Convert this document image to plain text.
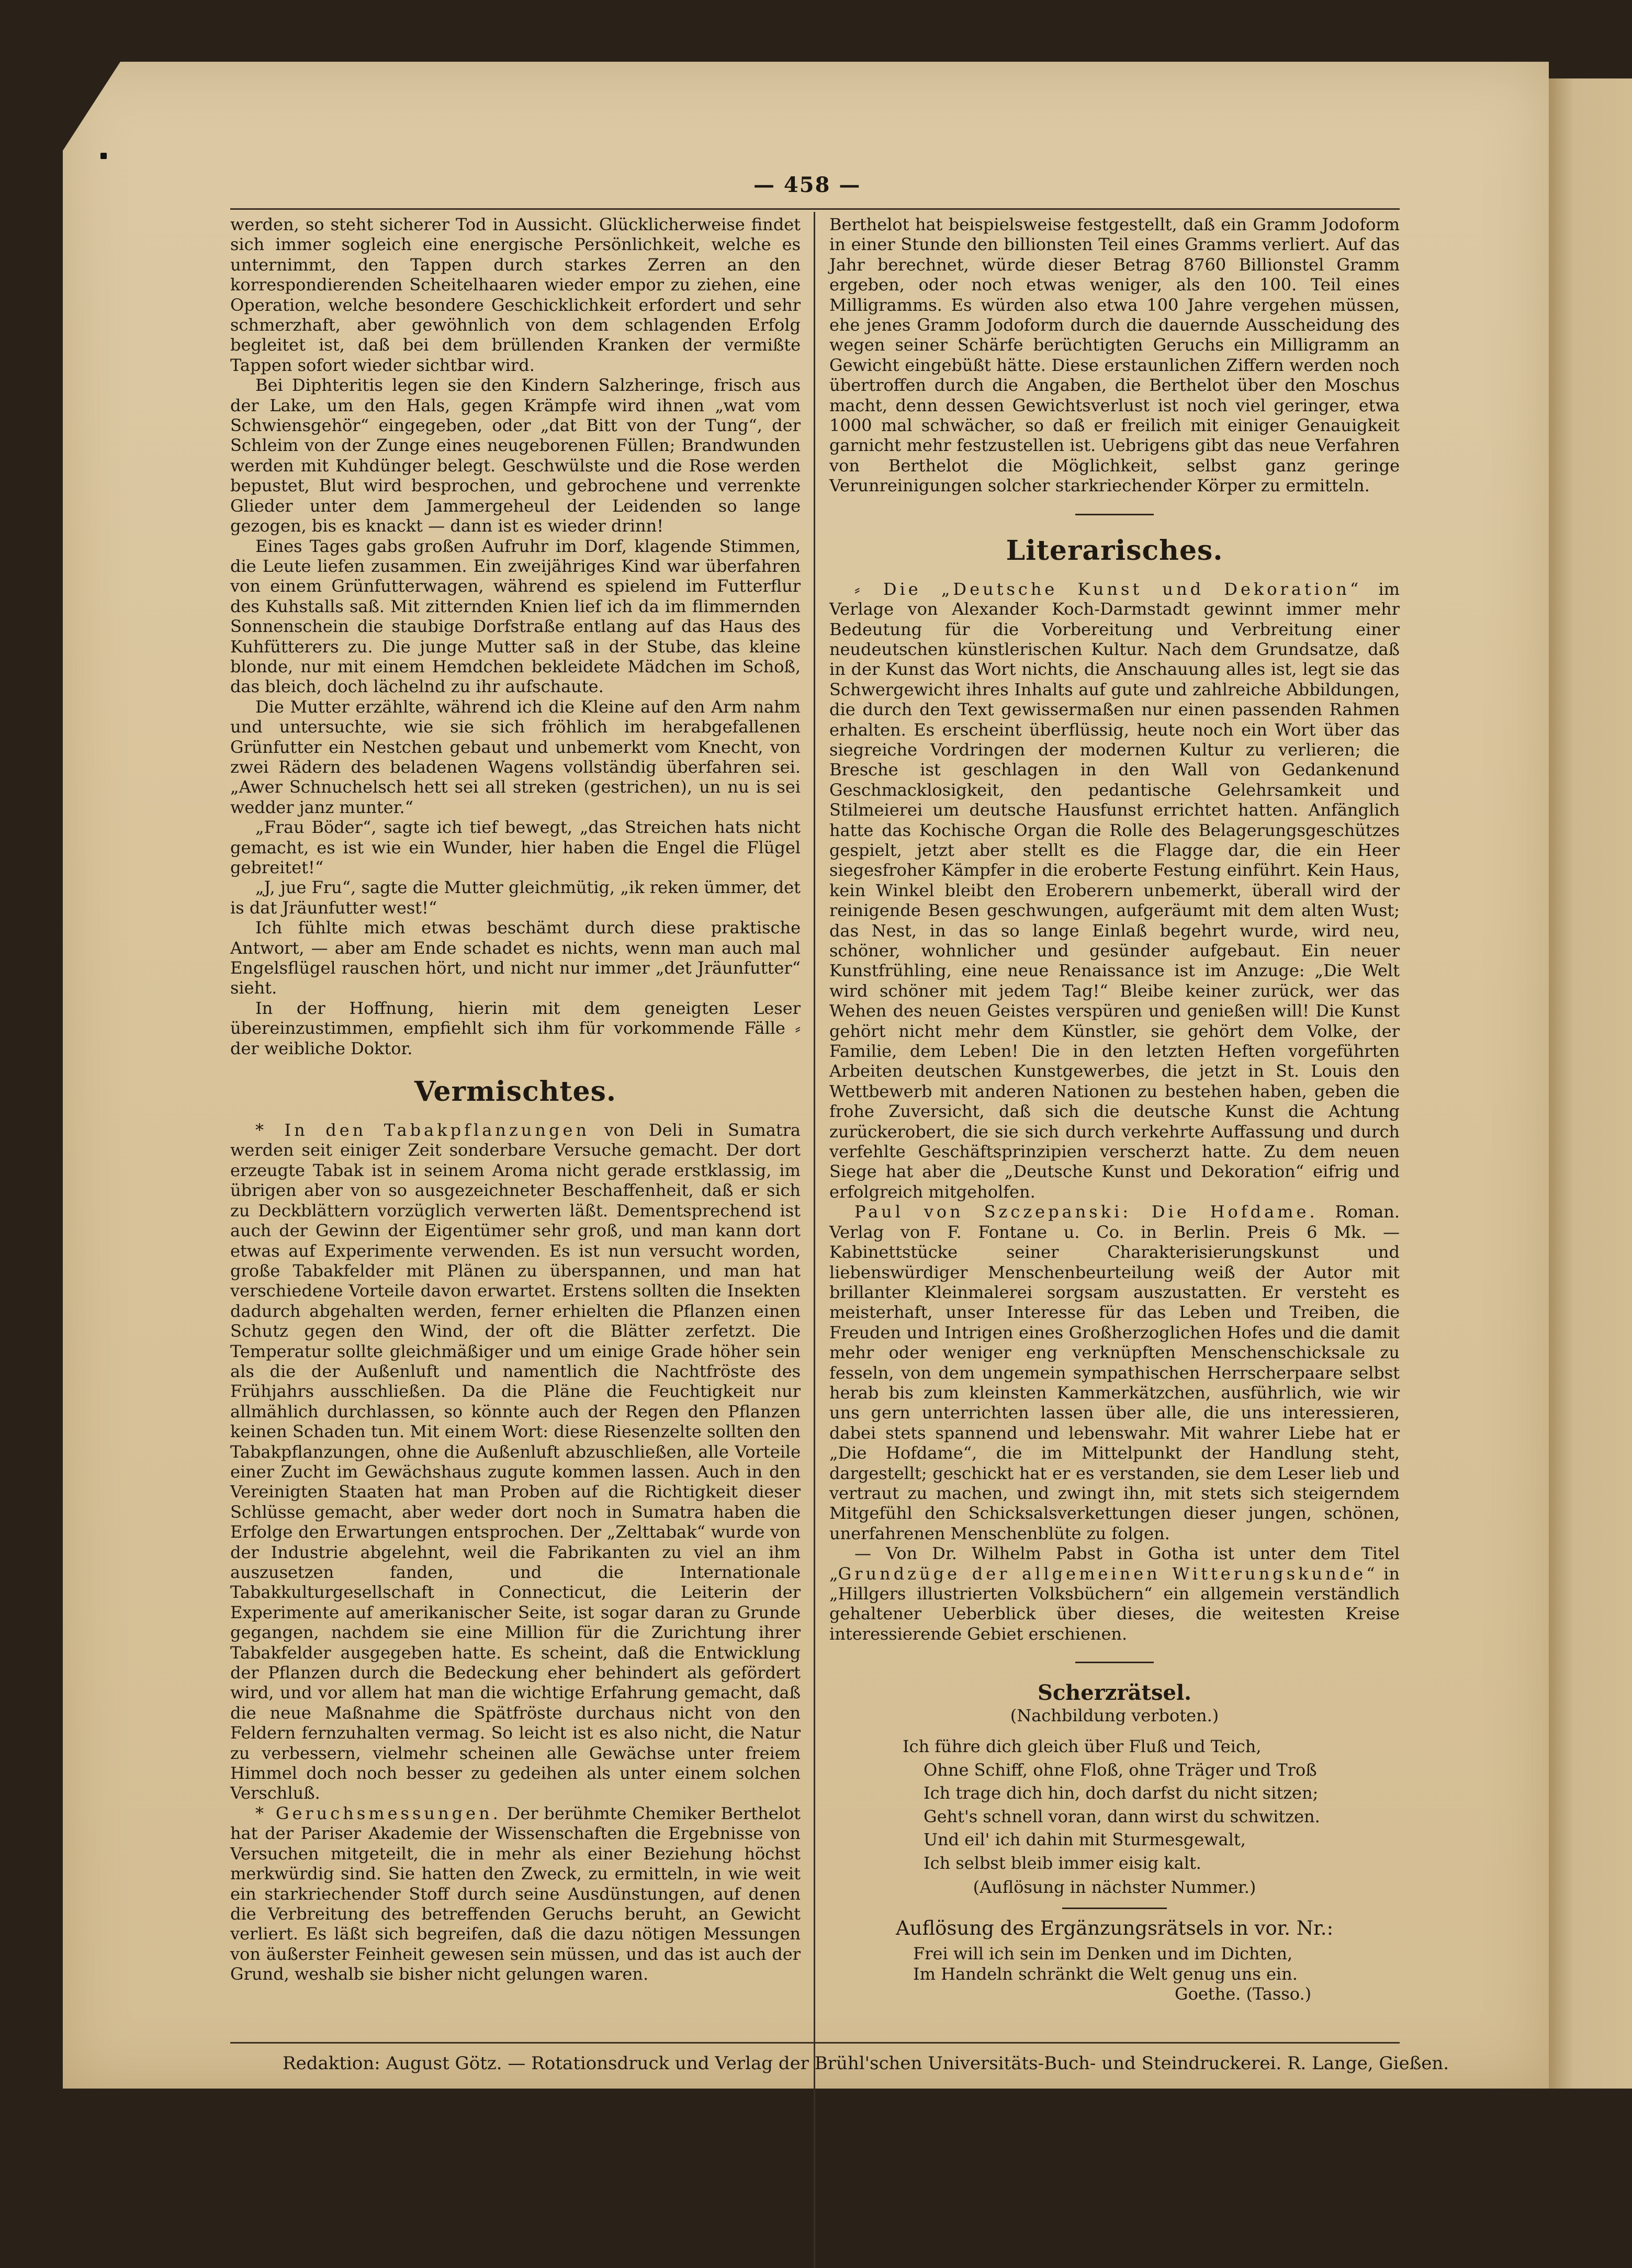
— 458 —

werden, so steht sicherer Tod in Aussicht. Glücklicherweise findet sich immer sogleich eine energische Persönlichkeit, welche es unternimmt, den Tappen durch starkes Zerren an den korrespondierenden Scheitelhaaren wieder empor zu ziehen, eine Operation, welche besondere Geschicklichkeit erfordert und sehr schmerzhaft, aber gewöhnlich von dem schlagenden Erfolg begleitet ist, daß bei dem brüllenden Kranken der vermißte Tappen sofort wieder sichtbar wird.

Bei Diphteritis legen sie den Kindern Salzheringe, frisch aus der Lake, um den Hals, gegen Krämpfe wird ihnen „wat vom Schwiensgehör“ eingegeben, oder „dat Bitt von der Tung“, der Schleim von der Zunge eines neugeborenen Füllen; Brandwunden werden mit Kuhdünger belegt. Geschwülste und die Rose werden bepustet, Blut wird besprochen, und gebrochene und verrenkte Glieder unter dem Jammergeheul der Leidenden so lange gezogen, bis es knackt — dann ist es wieder drinn!

Eines Tages gabs großen Aufruhr im Dorf, klagende Stimmen, die Leute liefen zusammen. Ein zweijähriges Kind war überfahren von einem Grünfutterwagen, während es spielend im Futterflur des Kuhstalls saß. Mit zitternden Knien lief ich da im flimmernden Sonnenschein die staubige Dorfstraße entlang auf das Haus des Kuhfütterers zu. Die junge Mutter saß in der Stube, das kleine blonde, nur mit einem Hemdchen bekleidete Mädchen im Schoß, das bleich, doch lächelnd zu ihr aufschaute.

Die Mutter erzählte, während ich die Kleine auf den Arm nahm und untersuchte, wie sie sich fröhlich im herabgefallenen Grünfutter ein Nestchen gebaut und unbemerkt vom Knecht, von zwei Rädern des beladenen Wagens vollständig überfahren sei. „Awer Schnuchelsch hett sei all streken (gestrichen), un nu is sei wedder janz munter.“

„Frau Böder“, sagte ich tief bewegt, „das Streichen hats nicht gemacht, es ist wie ein Wunder, hier haben die Engel die Flügel gebreitet!“

„J, jue Fru“, sagte die Mutter gleichmütig, „ik reken ümmer, det is dat Jräunfutter west!“

Ich fühlte mich etwas beschämt durch diese praktische Antwort, — aber am Ende schadet es nichts, wenn man auch mal Engelsflügel rauschen hört, und nicht nur immer „det Jräunfutter“ sieht.

In der Hoffnung, hierin mit dem geneigten Leser übereinzustimmen, empfiehlt sich ihm für vorkommende Fälle ⸗ der weibliche Doktor.

Vermischtes.

* In den Tabakpflanzungen von Deli in Sumatra werden seit einiger Zeit sonderbare Versuche gemacht. Der dort erzeugte Tabak ist in seinem Aroma nicht gerade erstklassig, im übrigen aber von so ausgezeichneter Beschaffenheit, daß er sich zu Deckblättern vorzüglich verwerten läßt. Dementsprechend ist auch der Gewinn der Eigentümer sehr groß, und man kann dort etwas auf Experimente verwenden. Es ist nun versucht worden, große Tabakfelder mit Plänen zu überspannen, und man hat verschiedene Vorteile davon erwartet. Erstens sollten die Insekten dadurch abgehalten werden, ferner erhielten die Pflanzen einen Schutz gegen den Wind, der oft die Blätter zerfetzt. Die Temperatur sollte gleichmäßiger und um einige Grade höher sein als die der Außenluft und namentlich die Nachtfröste des Frühjahrs ausschließen. Da die Pläne die Feuchtigkeit nur allmählich durchlassen, so könnte auch der Regen den Pflanzen keinen Schaden tun. Mit einem Wort: diese Riesenzelte sollten den Tabakpflanzungen, ohne die Außenluft abzuschließen, alle Vorteile einer Zucht im Gewächshaus zugute kommen lassen. Auch in den Vereinigten Staaten hat man Proben auf die Richtigkeit dieser Schlüsse gemacht, aber weder dort noch in Sumatra haben die Erfolge den Erwartungen entsprochen. Der „Zelttabak“ wurde von der Industrie abgelehnt, weil die Fabrikanten zu viel an ihm auszusetzen fanden, und die Internationale Tabakkulturgesellschaft in Connecticut, die Leiterin der Experimente auf amerikanischer Seite, ist sogar daran zu Grunde gegangen, nachdem sie eine Million für die Zurichtung ihrer Tabakfelder ausgegeben hatte. Es scheint, daß die Entwicklung der Pflanzen durch die Bedeckung eher behindert als gefördert wird, und vor allem hat man die wichtige Erfahrung gemacht, daß die neue Maßnahme die Spätfröste durchaus nicht von den Feldern fernzuhalten vermag. So leicht ist es also nicht, die Natur zu verbessern, vielmehr scheinen alle Gewächse unter freiem Himmel doch noch besser zu gedeihen als unter einem solchen Verschluß.

* Geruchsmessungen. Der berühmte Chemiker Berthelot hat der Pariser Akademie der Wissenschaften die Ergebnisse von Versuchen mitgeteilt, die in mehr als einer Beziehung höchst merkwürdig sind. Sie hatten den Zweck, zu ermitteln, in wie weit ein starkriechender Stoff durch seine Ausdünstungen, auf denen die Verbreitung des betreffenden Geruchs beruht, an Gewicht verliert. Es läßt sich begreifen, daß die dazu nötigen Messungen von äußerster Feinheit gewesen sein müssen, und das ist auch der Grund, weshalb sie bisher nicht gelungen waren.

Berthelot hat beispielsweise festgestellt, daß ein Gramm Jodoform in einer Stunde den billionsten Teil eines Gramms verliert. Auf das Jahr berechnet, würde dieser Betrag 8760 Billionstel Gramm ergeben, oder noch etwas weniger, als den 100. Teil eines Milligramms. Es würden also etwa 100 Jahre vergehen müssen, ehe jenes Gramm Jodoform durch die dauernde Ausscheidung des wegen seiner Schärfe berüchtigten Geruchs ein Milligramm an Gewicht eingebüßt hätte. Diese erstaunlichen Ziffern werden noch übertroffen durch die Angaben, die Berthelot über den Moschus macht, denn dessen Gewichtsverlust ist noch viel geringer, etwa 1000 mal schwächer, so daß er freilich mit einiger Genauigkeit garnicht mehr festzustellen ist. Uebrigens gibt das neue Verfahren von Berthelot die Möglichkeit, selbst ganz geringe Verunreinigungen solcher starkriechender Körper zu ermitteln.

Literarisches.

⸗ Die „Deutsche Kunst und Dekoration“ im Verlage von Alexander Koch-Darmstadt gewinnt immer mehr Bedeutung für die Vorbereitung und Verbreitung einer neudeutschen künstlerischen Kultur. Nach dem Grundsatze, daß in der Kunst das Wort nichts, die Anschauung alles ist, legt sie das Schwergewicht ihres Inhalts auf gute und zahlreiche Abbildungen, die durch den Text gewissermaßen nur einen passenden Rahmen erhalten. Es erscheint überflüssig, heute noch ein Wort über das siegreiche Vordringen der modernen Kultur zu verlieren; die Bresche ist geschlagen in den Wall von Gedankenund Geschmacklosigkeit, den pedantische Gelehrsamkeit und Stilmeierei um deutsche Hausfunst errichtet hatten. Anfänglich hatte das Kochische Organ die Rolle des Belagerungsgeschützes gespielt, jetzt aber stellt es die Flagge dar, die ein Heer siegesfroher Kämpfer in die eroberte Festung einführt. Kein Haus, kein Winkel bleibt den Eroberern unbemerkt, überall wird der reinigende Besen geschwungen, aufgeräumt mit dem alten Wust; das Nest, in das so lange Einlaß begehrt wurde, wird neu, schöner, wohnlicher und gesünder aufgebaut. Ein neuer Kunstfrühling, eine neue Renaissance ist im Anzuge: „Die Welt wird schöner mit jedem Tag!“ Bleibe keiner zurück, wer das Wehen des neuen Geistes verspüren und genießen will! Die Kunst gehört nicht mehr dem Künstler, sie gehört dem Volke, der Familie, dem Leben! Die in den letzten Heften vorgeführten Arbeiten deutschen Kunstgewerbes, die jetzt in St. Louis den Wettbewerb mit anderen Nationen zu bestehen haben, geben die frohe Zuversicht, daß sich die deutsche Kunst die Achtung zurückerobert, die sie sich durch verkehrte Auffassung und durch verfehlte Geschäftsprinzipien verscherzt hatte. Zu dem neuen Siege hat aber die „Deutsche Kunst und Dekoration“ eifrig und erfolgreich mitgeholfen.

Paul von Szczepanski: Die Hofdame. Roman. Verlag von F. Fontane u. Co. in Berlin. Preis 6 Mk. — Kabinettstücke seiner Charakterisierungskunst und liebenswürdiger Menschenbeurteilung weiß der Autor mit brillanter Kleinmalerei sorgsam auszustatten. Er versteht es meisterhaft, unser Interesse für das Leben und Treiben, die Freuden und Intrigen eines Großherzoglichen Hofes und die damit mehr oder weniger eng verknüpften Menschenschicksale zu fesseln, von dem ungemein sympathischen Herrscherpaare selbst herab bis zum kleinsten Kammerkätzchen, ausführlich, wie wir uns gern unterrichten lassen über alle, die uns interessieren, dabei stets spannend und lebenswahr. Mit wahrer Liebe hat er „Die Hofdame“, die im Mittelpunkt der Handlung steht, dargestellt; geschickt hat er es verstanden, sie dem Leser lieb und vertraut zu machen, und zwingt ihn, mit stets sich steigerndem Mitgefühl den Schicksalsverkettungen dieser jungen, schönen, unerfahrenen Menschenblüte zu folgen.

— Von Dr. Wilhelm Pabst in Gotha ist unter dem Titel „Grundzüge der allgemeinen Witterungskunde“ in „Hillgers illustrierten Volksbüchern“ ein allgemein verständlich gehaltener Ueberblick über dieses, die weitesten Kreise interessierende Gebiet erschienen.

Scherzrätsel.
(Nachbildung verboten.)
Ich führe dich gleich über Fluß und Teich,
Ohne Schiff, ohne Floß, ohne Träger und Troß
Ich trage dich hin, doch darfst du nicht sitzen;
Geht's schnell voran, dann wirst du schwitzen.
Und eil' ich dahin mit Sturmesgewalt,
Ich selbst bleib immer eisig kalt.
(Auflösung in nächster Nummer.)
Auflösung des Ergänzungsrätsels in vor. Nr.:
Frei will ich sein im Denken und im Dichten,
Im Handeln schränkt die Welt genug uns ein.
Goethe. (Tasso.)
Redaktion: August Götz. — Rotationsdruck und Verlag der Brühl'schen Universitäts-Buch- und Steindruckerei. R. Lange, Gießen.
